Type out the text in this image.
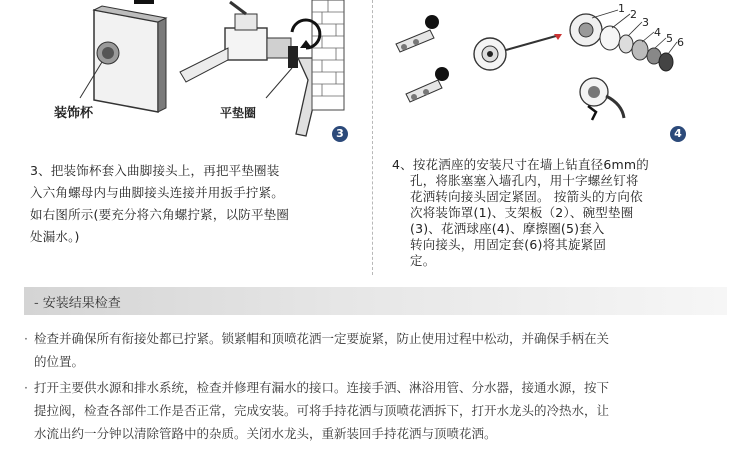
装饰杯	平垫圈
3
3、把装饰杯套入曲脚接头上，再把平垫圈装
入六角螺母内与曲脚接头连接并用扳手拧紧。
如右图所示(要充分将六角螺拧紧，以防平垫圈
处漏水。)
1 2
3
4 5 6
4
4、按花洒座的安装尺寸在墙上钻直径6mm的
孔，将胀塞塞入墙孔内，用十字螺丝钉将
花洒转向接头固定紧固。 按箭头的方向依
次将装饰罩(1)、支架板（2）、碗型垫圈
(3)、花洒球座(4)、摩擦圈(5)套入
转向接头，用固定套(6)将其旋紧固
定。
- 安装结果检查
· 检查并确保所有衔接处都已拧紧。锁紧帽和顶喷花洒一定要旋紧，防止使用过程中松动，并确保手柄在关
的位置。
· 打开主要供水源和排水系统，检查并修理有漏水的接口。连接手洒、淋浴用管、分水器，接通水源，按下
提拉阀，检查各部件工作是否正常，完成安装。可将手持花洒与顶喷花洒拆下，打开水龙头的冷热水，让
水流出约一分钟以清除管路中的杂质。关闭水龙头，重新装回手持花洒与顶喷花洒。
